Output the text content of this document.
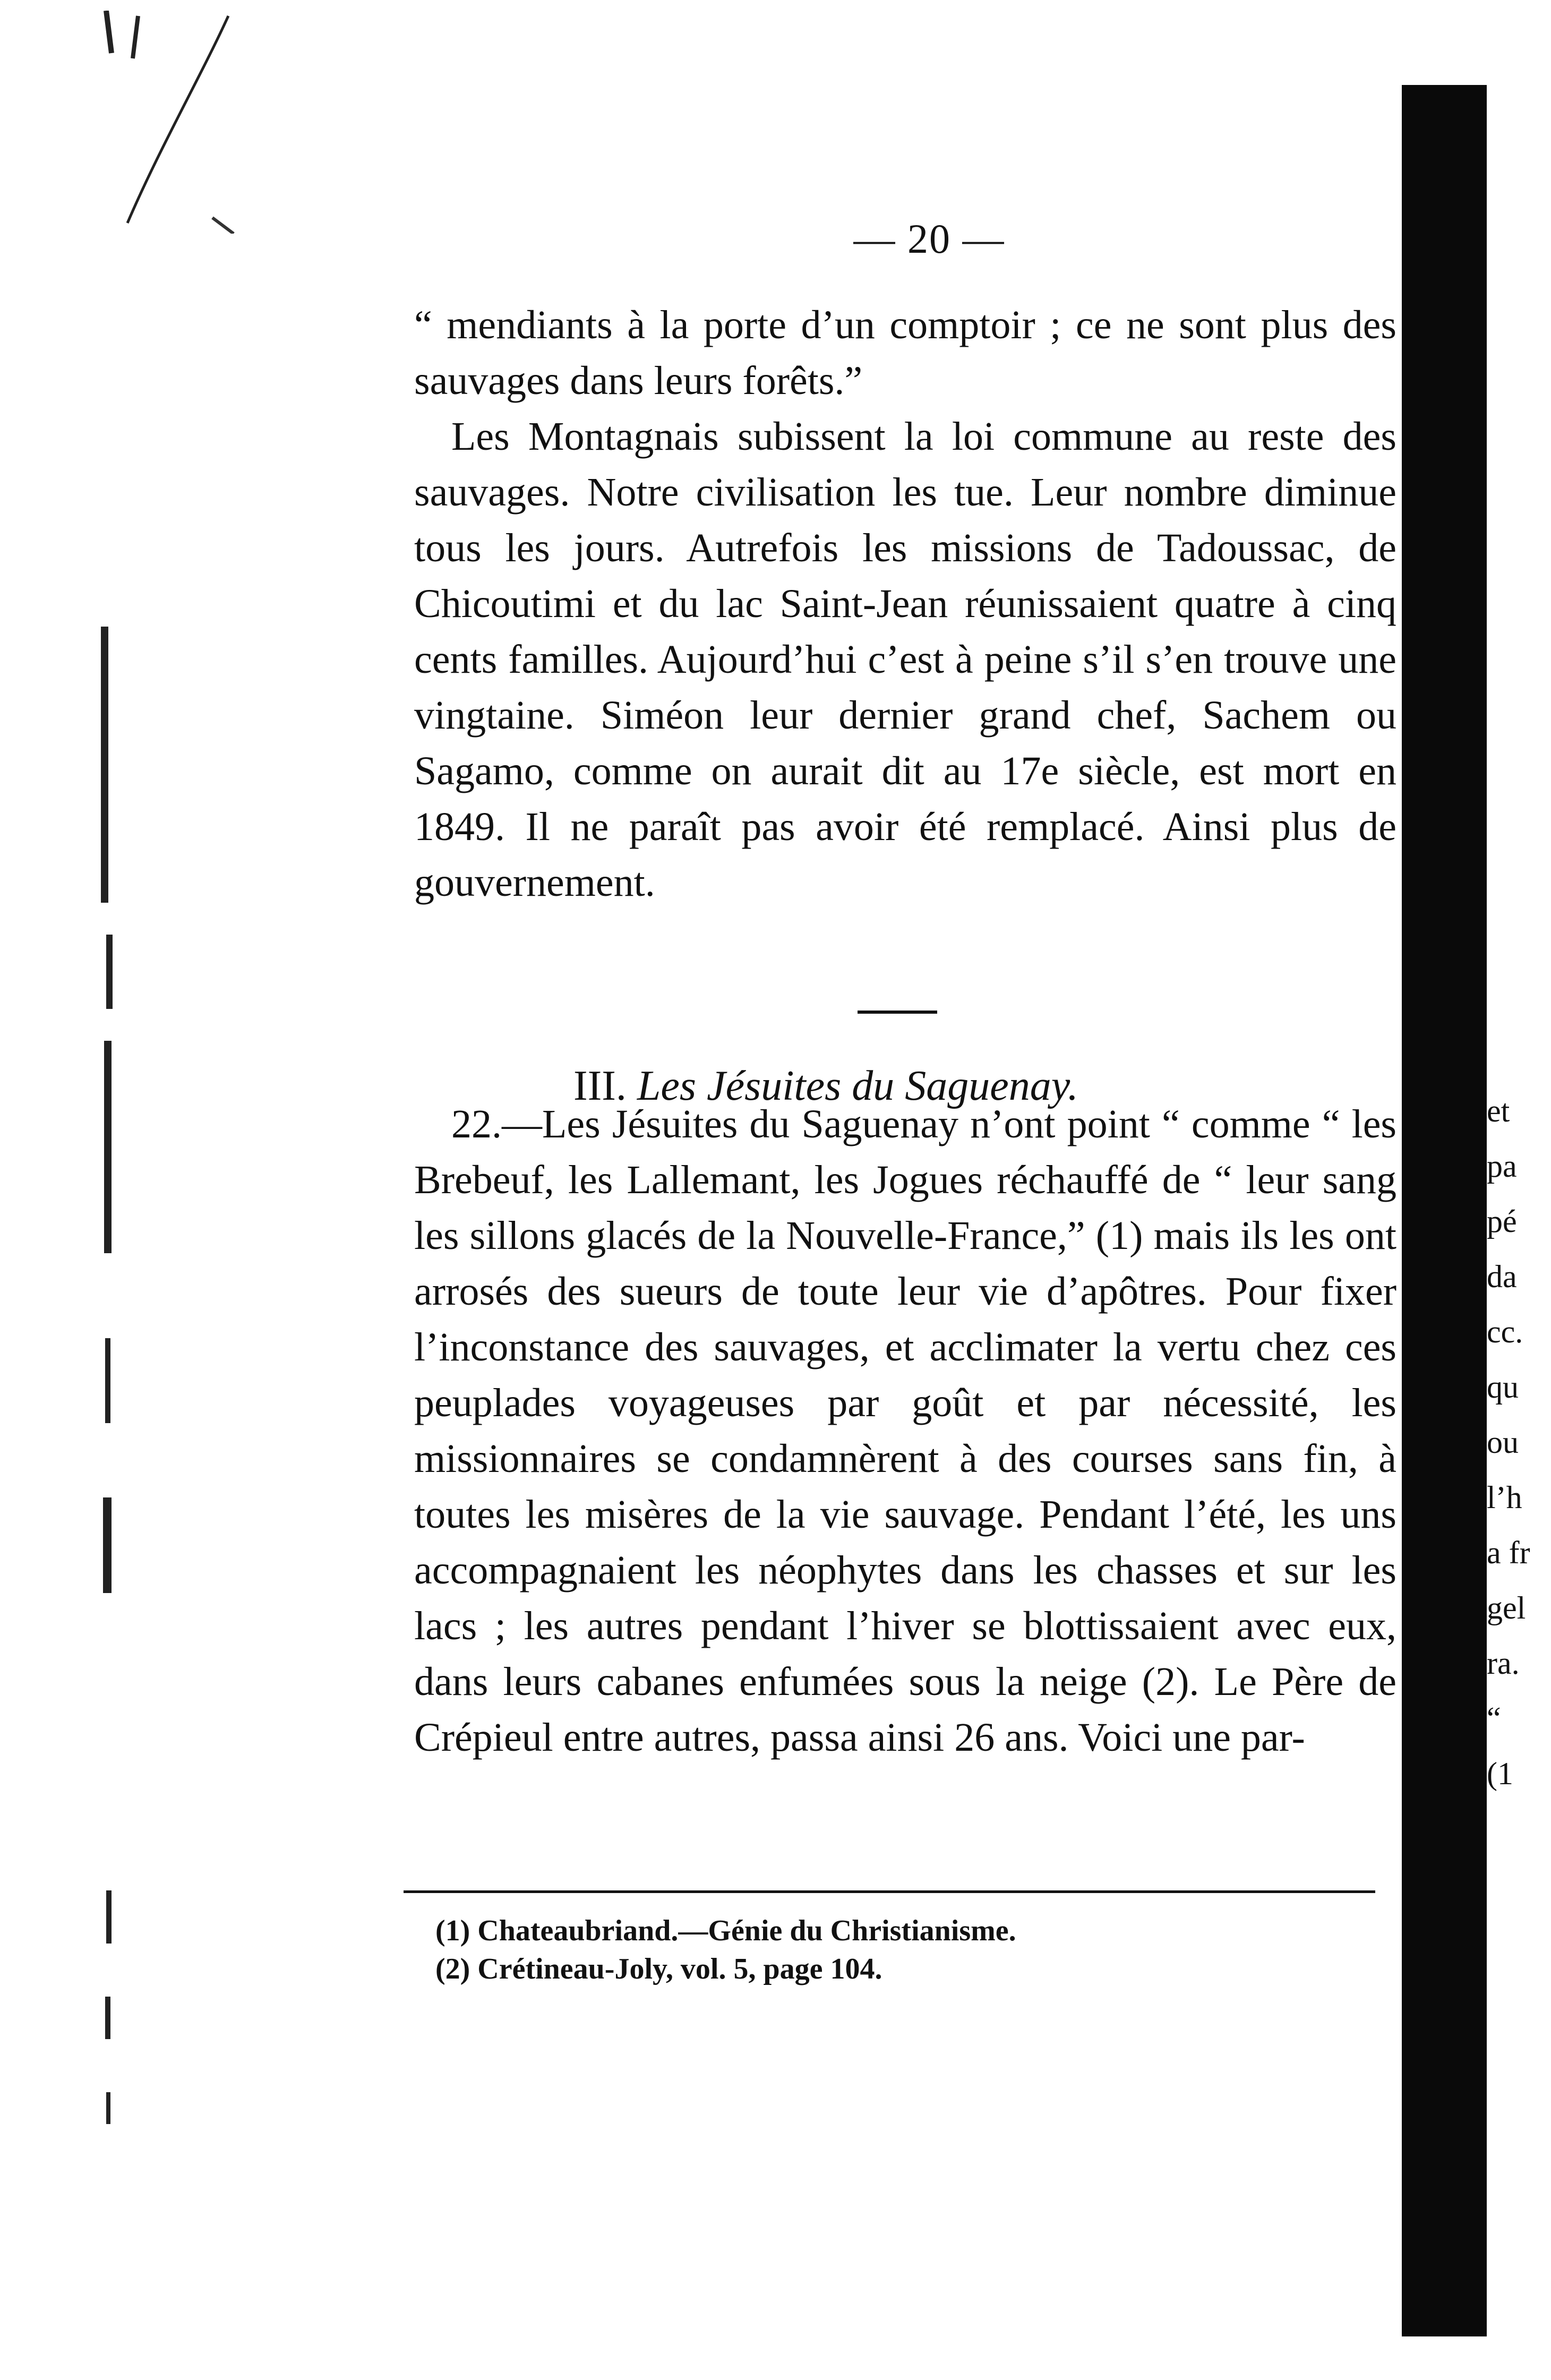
— 20 —

“ mendiants à la porte d’un comptoir ; ce ne sont plus des sauvages dans leurs forêts.”

Les Montagnais subissent la loi commune au reste des sauvages. Notre civilisation les tue. Leur nombre diminue tous les jours. Autrefois les missions de Tadoussac, de Chicoutimi et du lac Saint-Jean réunissaient quatre à cinq cents familles. Aujourd’hui c’est à peine s’il s’en trouve une vingtaine. Siméon leur dernier grand chef, Sachem ou Sagamo, comme on aurait dit au 17e siècle, est mort en 1849. Il ne paraît pas avoir été remplacé. Ainsi plus de gouvernement.

III. Les Jésuites du Saguenay.

22.—Les Jésuites du Saguenay n’ont point “ comme “ les Brebeuf, les Lallemant, les Jogues réchauffé de “ leur sang les sillons glacés de la Nouvelle-France,” (1) mais ils les ont arrosés des sueurs de toute leur vie d’apôtres. Pour fixer l’inconstance des sauvages, et acclimater la vertu chez ces peuplades voyageuses par goût et par nécessité, les missionnaires se condamnèrent à des courses sans fin, à toutes les misères de la vie sauvage. Pendant l’été, les uns accompagnaient les néophytes dans les chasses et sur les lacs ; les autres pendant l’hiver se blottissaient avec eux, dans leurs cabanes enfumées sous la neige (2). Le Père de Crépieul entre autres, passa ainsi 26 ans. Voici une par-

(1) Chateaubriand.—Génie du Christianisme.
(2) Crétineau-Joly, vol. 5, page 104.
et
pa
pé
da
cc.
qu
ou
l’h
a fr
gel
ra.
“
(1
